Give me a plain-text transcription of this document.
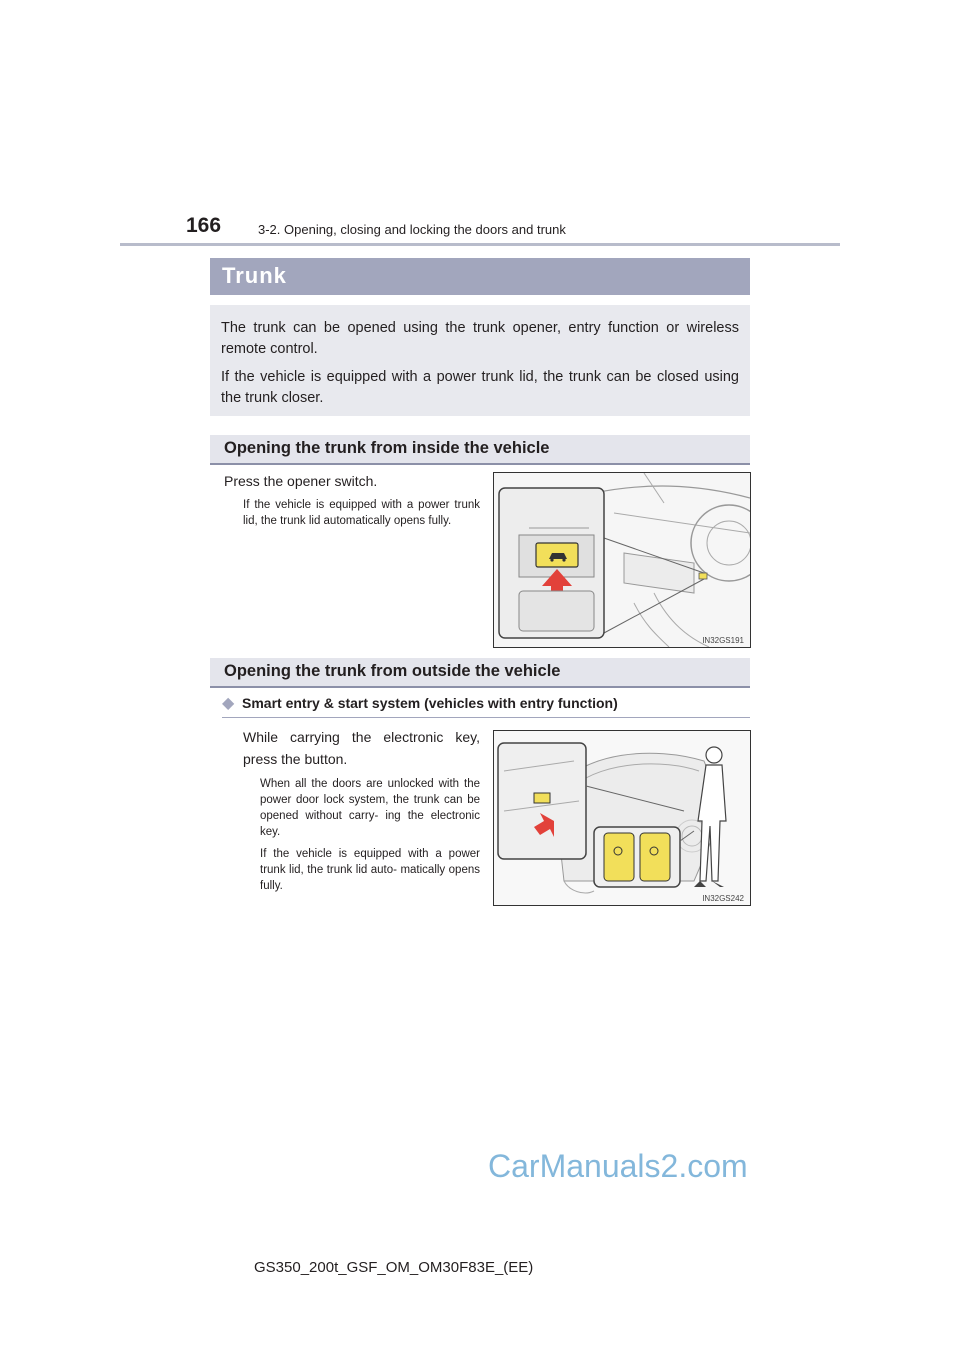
166	3-2. Opening, closing and locking the doors and trunk
Trunk

The trunk can be opened using the trunk opener, entry function or wireless remote control.

If the vehicle is equipped with a power trunk lid, the trunk can be closed using the trunk closer.

Opening the trunk from inside the vehicle
Press the opener switch.
If the vehicle is equipped with a power trunk lid, the trunk lid automatically opens fully.
IN32GS191
Opening the trunk from outside the vehicle
◆ Smart entry & start system (vehicles with entry function)
While carrying the electronic key, press the button.
When all the doors are unlocked with the power door lock system, the trunk can be opened without carry- ing the electronic key.
If the vehicle is equipped with a power trunk lid, the trunk lid auto- matically opens fully.
IN32GS242
CarManuals2.com
GS350_200t_GSF_OM_OM30F83E_(EE)
